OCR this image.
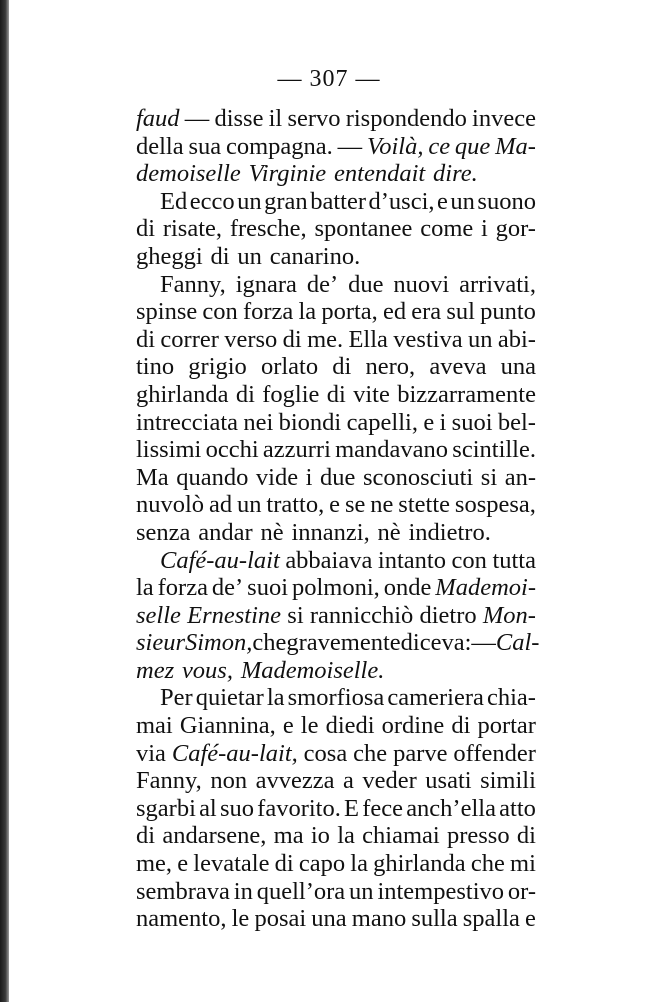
— 307 —
faud — disse il servo rispondendo invece
della sua compagna. — Voilà, ce que Ma-
demoiselle Virginie entendait dire.
Ed ecco un gran batter d’usci, e un suono
di risate, fresche, spontanee come i gor-
gheggi di un canarino.
Fanny, ignara de’ due nuovi arrivati,
spinse con forza la porta, ed era sul punto
di correr verso di me. Ella vestiva un abi-
tino grigio orlato di nero, aveva una
ghirlanda di foglie di vite bizzarramente
intrecciata nei biondi capelli, e i suoi bel-
lissimi occhi azzurri mandavano scintille.
Ma quando vide i due sconosciuti si an-
nuvolò ad un tratto, e se ne stette sospesa,
senza andar nè innanzi, nè indietro.
Café-au-lait abbaiava intanto con tutta
la forza de’ suoi polmoni, onde Mademoi-
selle Ernestine si rannicchiò dietro Mon-
sieur Simon, che gravemente diceva: — Cal-
mez vous, Mademoiselle.
Per quietar la smorfiosa cameriera chia-
mai Giannina, e le diedi ordine di portar
via Café-au-lait, cosa che parve offender
Fanny, non avvezza a veder usati simili
sgarbi al suo favorito. E fece anch’ella atto
di andarsene, ma io la chiamai presso di
me, e levatale di capo la ghirlanda che mi
sembrava in quell’ora un intempestivo or-
namento, le posai una mano sulla spalla e
